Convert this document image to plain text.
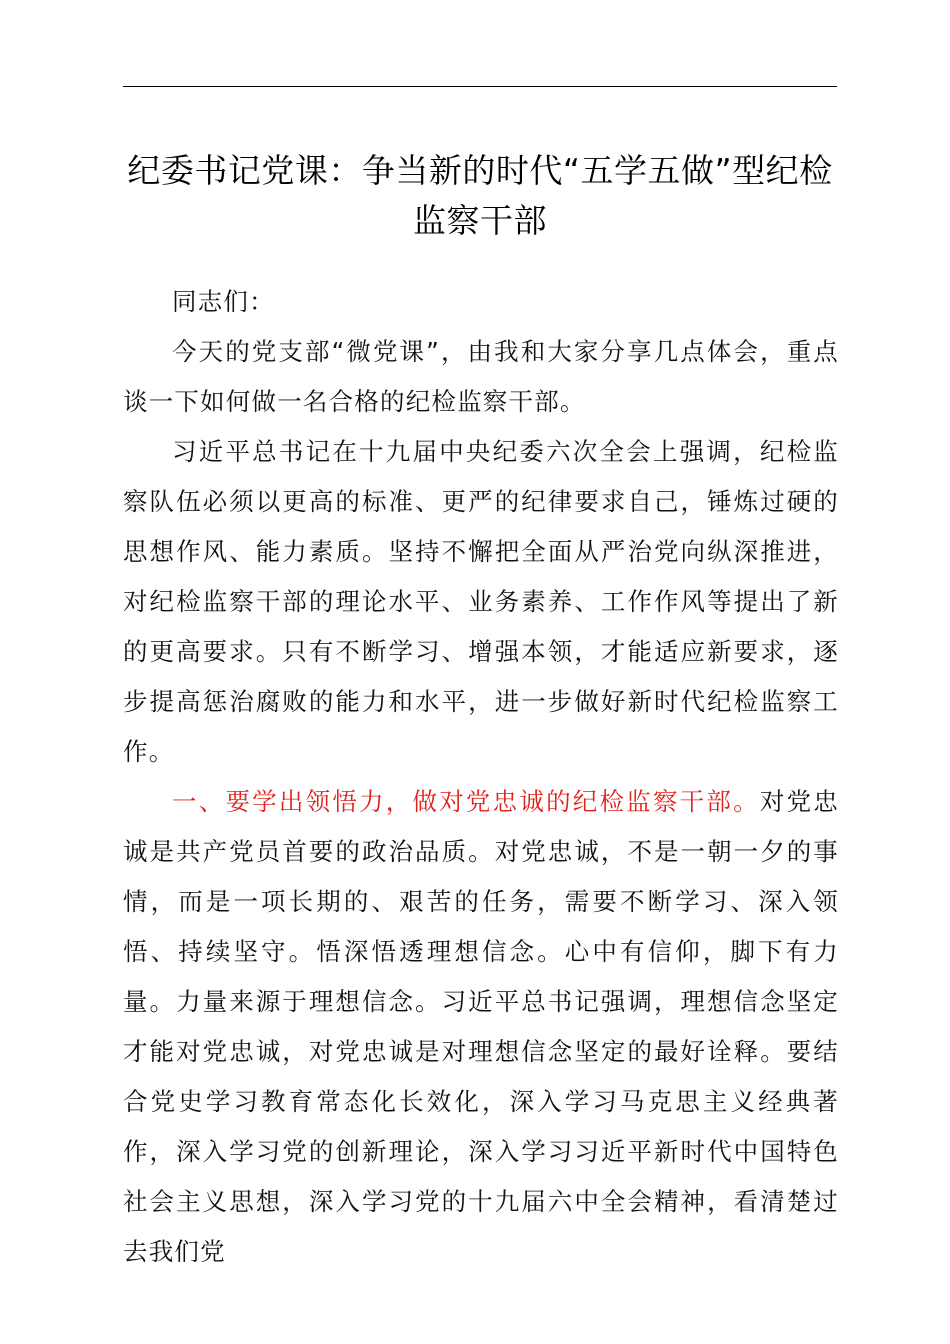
纪委书记党课：争当新的时代“五学五做”型纪检监察干部

同志们：

今天的党支部“微党课”，由我和大家分享几点体会，重点谈一下如何做一名合格的纪检监察干部。

习近平总书记在十九届中央纪委六次全会上强调，纪检监察队伍必须以更高的标准、更严的纪律要求自己，锤炼过硬的思想作风、能力素质。坚持不懈把全面从严治党向纵深推进，对纪检监察干部的理论水平、业务素养、工作作风等提出了新的更高要求。只有不断学习、增强本领，才能适应新要求，逐步提高惩治腐败的能力和水平，进一步做好新时代纪检监察工作。

一、要学出领悟力，做对党忠诚的纪检监察干部。对党忠诚是共产党员首要的政治品质。对党忠诚，不是一朝一夕的事情，而是一项长期的、艰苦的任务，需要不断学习、深入领悟、持续坚守。悟深悟透理想信念。心中有信仰，脚下有力量。力量来源于理想信念。习近平总书记强调，理想信念坚定才能对党忠诚，对党忠诚是对理想信念坚定的最好诠释。要结合党史学习教育常态化长效化，深入学习马克思主义经典著作，深入学习党的创新理论，深入学习习近平新时代中国特色社会主义思想，深入学习党的十九届六中全会精神，看清楚过去我们党
